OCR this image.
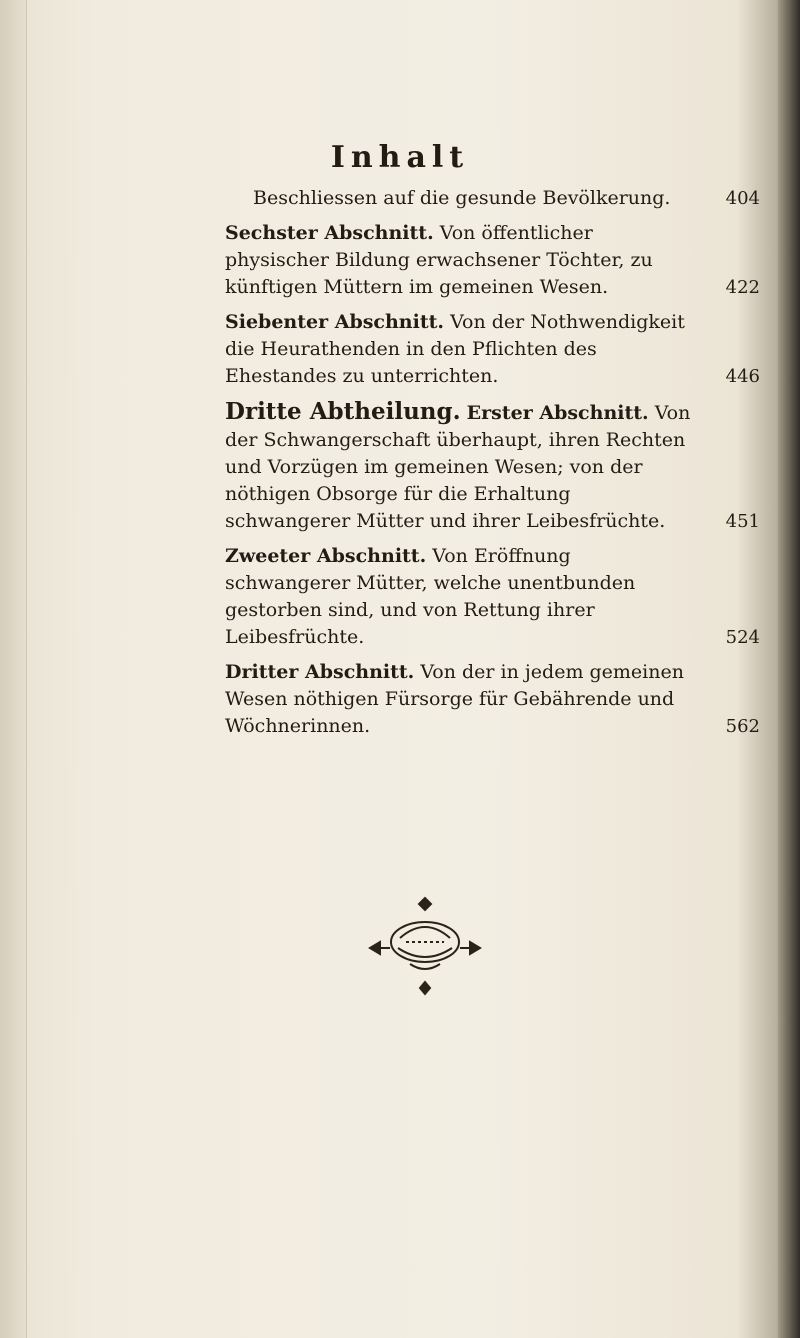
Inhalt
Beschliessen auf die gesunde Bevölkerung.	404
Sechster Abschnitt. Von öffentlicher physischer Bildung erwachsener Töchter, zu künftigen Müttern im gemeinen Wesen.	422
Siebenter Abschnitt. Von der Nothwendigkeit die Heurathenden in den Pflichten des Ehestandes zu unterrichten.	446
Dritte Abtheilung. Erster Abschnitt. Von der Schwangerschaft überhaupt, ihren Rechten und Vorzügen im gemeinen Wesen; von der nöthigen Obsorge für die Erhaltung schwangerer Mütter und ihrer Leibesfrüchte.	451
Zweeter Abschnitt. Von Eröffnung schwangerer Mütter, welche unentbunden gestorben sind, und von Rettung ihrer Leibesfrüchte.	524
Dritter Abschnitt. Von der in jedem gemeinen Wesen nöthigen Fürsorge für Gebährende und Wöchnerinnen.	562
